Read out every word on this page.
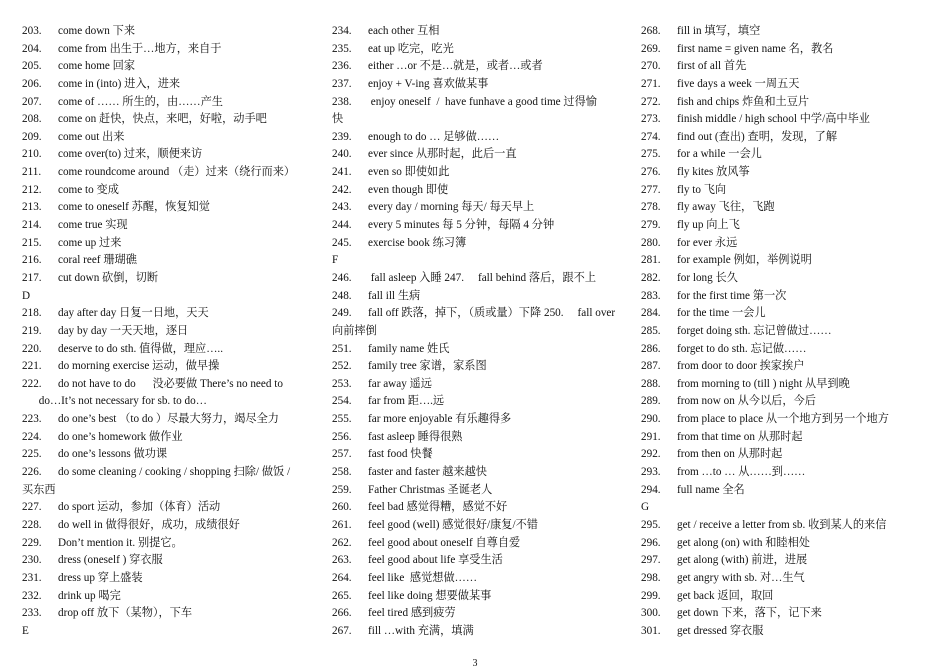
203. come down 下来
204. come from 出生于…地方，来自于
205. come home 回家
206. come in (into) 进入，进来
207. come of …… 所生的，由……产生
208. come on 赶快，快点，来吧，好啦，动手吧
209. come out 出来
210. come over(to) 过来，顺便来访
211. come roundcome around （走）过来（绕行而来）
212. come to 变成
213. come to oneself 苏醒，恢复知觉
214. come true 实现
215. come up 过来
216. coral reef 珊瑚礁
217. cut down 砍倒，切断
D
218. day after day 日复一日地，天天
219. day by day 一天天地，逐日
220. deserve to do sth. 值得做，理应…..
221. do morning exercise 运动，做早操
222. do not have to do      没必要做 There’s no need to
do…It’s not necessary for sb. to do…
223. do one’s best （to do ）尽最大努力，竭尽全力
224. do one’s homework 做作业
225. do one’s lessons 做功课
226. do some cleaning / cooking / shopping 扫除/ 做饭 /
买东西
227. do sport 运动，参加（体育）活动
228. do well in 做得很好，成功，成绩很好
229. Don’t mention it. 别提它。
230. dress (oneself ) 穿衣服
231. dress up 穿上盛装
232. drink up 喝完
233. drop off 放下（某物），下车
E
234. each other 互相
235. eat up 吃完，吃光
236. either …or 不是…就是，或者…或者
237. enjoy + V-ing 喜欢做某事
238. enjoy oneself  /  have funhave a good time 过得愉
快
239. enough to do … 足够做……
240. ever since 从那时起，此后一直
241. even so 即使如此
242. even though 即使
243. every day / morning 每天/ 每天早上
244. every 5 minutes 每 5 分钟，每隔 4 分钟
245. exercise book 练习簿
F
246. fall asleep 入睡 247.     fall behind 落后，跟不上
248. fall ill 生病
249. fall off 跌落，掉下，（质或量）下降 250.     fall over
向前摔倒
251. family name 姓氏
252. family tree 家谱，家系图
253. far away 遥远
254. far from 距….远
255. far more enjoyable 有乐趣得多
256. fast asleep 睡得很熟
257. fast food 快餐
258. faster and faster 越来越快
259. Father Christmas 圣诞老人
260. feel bad 感觉得糟，感觉不好
261. feel good (well) 感觉很好/康复/不错
262. feel good about oneself 自尊自爱
263. feel good about life 享受生活
264. feel like  感觉想做……
265. feel like doing 想要做某事
266. feel tired 感到疲劳
267. fill …with 充满，填满
268. fill in 填写，填空
269. first name = given name 名，教名
270. first of all 首先
271. five days a week 一周五天
272. fish and chips 炸鱼和土豆片
273. finish middle / high school 中学/高中毕业
274. find out (查出) 查明，发现，了解
275. for a while 一会儿
276. fly kites 放风筝
277. fly to 飞向
278. fly away 飞往，飞跑
279. fly up 向上飞
280. for ever 永远
281. for example 例如，举例说明
282. for long 长久
283. for the first time 第一次
284. for the time 一会儿
285. forget doing sth. 忘记曾做过……
286. forget to do sth. 忘记做……
287. from door to door 挨家挨户
288. from morning to (till ) night 从早到晚
289. from now on 从今以后，今后
290. from place to place 从一个地方到另一个地方
291. from that time on 从那时起
292. from then on 从那时起
293. from …to … 从……到……
294. full name 全名
G
295. get / receive a letter from sb. 收到某人的来信
296. get along (on) with 和睦相处
297. get along (with) 前进，进展
298. get angry with sb. 对…生气
299. get back 返回，取回
300. get down 下来，落下，记下来
301. get dressed 穿衣服
3
